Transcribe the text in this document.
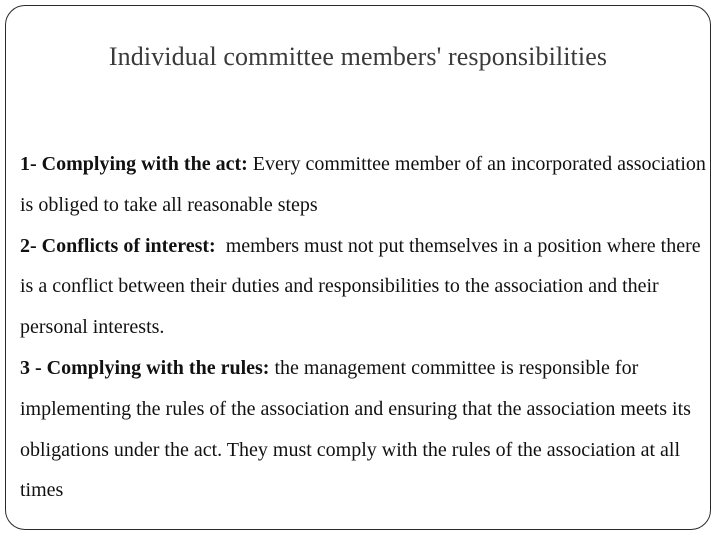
Individual committee members' responsibilities

1- Complying with the act: Every committee member of an incorporated association is obliged to take all reasonable steps

2- Conflicts of interest:  members must not put themselves in a position where there is a conflict between their duties and responsibilities to the association and their personal interests.

3 - Complying with the rules: the management committee is responsible for implementing the rules of the association and ensuring that the association meets its obligations under the act. They must comply with the rules of the association at all times
